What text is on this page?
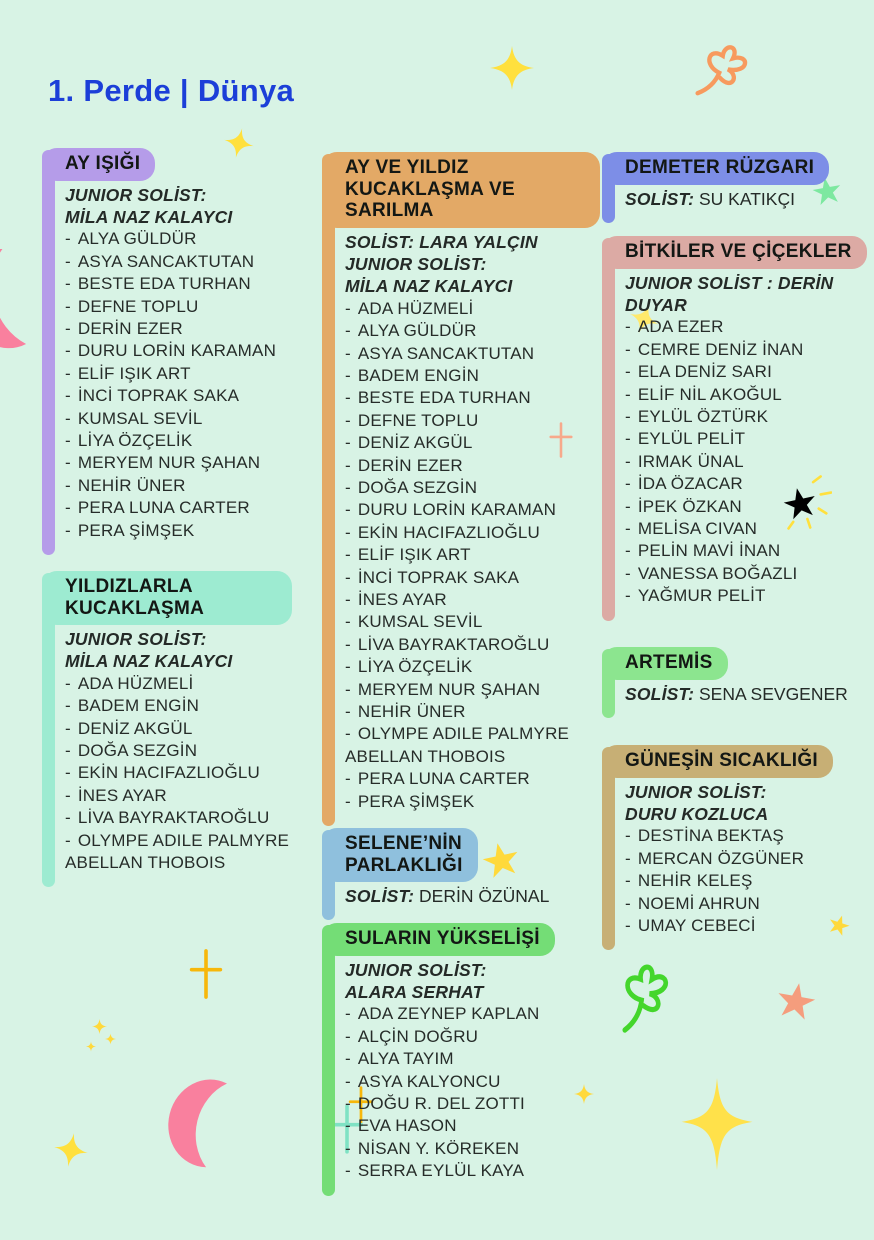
1. Perde | Dünya
AY IŞIĞI
JUNIOR SOLİST:
MİLA NAZ KALAYCI
- ALYA GÜLDÜR
- ASYA SANCAKTUTAN
- BESTE EDA TURHAN
- DEFNE TOPLU
- DERİN EZER
- DURU LORİN KARAMAN
- ELİF IŞIK ART
- İNCİ TOPRAK SAKA
- KUMSAL SEVİL
- LİYA ÖZÇELİK
- MERYEM NUR ŞAHAN
- NEHİR ÜNER
- PERA LUNA CARTER
- PERA ŞİMŞEK
YILDIZLARLA
KUCAKLAŞMA
JUNIOR SOLİST:
MİLA NAZ KALAYCI
- ADA HÜZMELİ
- BADEM ENGİN
- DENİZ AKGÜL
- DOĞA SEZGİN
- EKİN HACIFAZLIOĞLU
- İNES AYAR
- LİVA BAYRAKTAROĞLU
- OLYMPE ADILE PALMYRE ABELLAN THOBOIS
AY VE YILDIZ
KUCAKLAŞMA VE
SARILMA
SOLİST: LARA YALÇIN
JUNIOR SOLİST:
MİLA NAZ KALAYCI
- ADA HÜZMELİ
- ALYA GÜLDÜR
- ASYA SANCAKTUTAN
- BADEM ENGİN
- BESTE EDA TURHAN
- DEFNE TOPLU
- DENİZ AKGÜL
- DERİN EZER
- DOĞA SEZGİN
- DURU LORİN KARAMAN
- EKİN HACIFAZLIOĞLU
- ELİF IŞIK ART
- İNCİ TOPRAK SAKA
- İNES AYAR
- KUMSAL SEVİL
- LİVA BAYRAKTAROĞLU
- LİYA ÖZÇELİK
- MERYEM NUR ŞAHAN
- NEHİR ÜNER
- OLYMPE ADILE PALMYRE ABELLAN THOBOIS
- PERA LUNA CARTER
- PERA ŞİMŞEK
SELENE’NİN
PARLAKLIĞI
SOLİST: DERİN ÖZÜNAL
SULARIN YÜKSELİŞİ
JUNIOR SOLİST:
ALARA SERHAT
- ADA ZEYNEP KAPLAN
- ALÇİN DOĞRU
- ALYA TAYIM
- ASYA KALYONCU
- DOĞU R. DEL ZOTTI
- EVA HASON
- NİSAN Y. KÖREKEN
- SERRA EYLÜL KAYA
DEMETER RÜZGARI
SOLİST: SU KATIKÇI
BİTKİLER VE ÇİÇEKLER
JUNIOR SOLİST : DERİN
DUYAR
- ADA EZER
- CEMRE DENİZ İNAN
- ELA DENİZ SARI
- ELİF NİL AKOĞUL
- EYLÜL ÖZTÜRK
- EYLÜL PELİT
- IRMAK ÜNAL
- İDA ÖZACAR
- İPEK ÖZKAN
- MELİSA CIVAN
- PELİN MAVİ İNAN
- VANESSA BOĞAZLI
- YAĞMUR PELİT
ARTEMİS
SOLİST: SENA SEVGENER
GÜNEŞİN SICAKLIĞI
JUNIOR SOLİST:
DURU KOZLUCA
- DESTİNA BEKTAŞ
- MERCAN ÖZGÜNER
- NEHİR KELEŞ
- NOEMİ AHRUN
- UMAY CEBECİ
